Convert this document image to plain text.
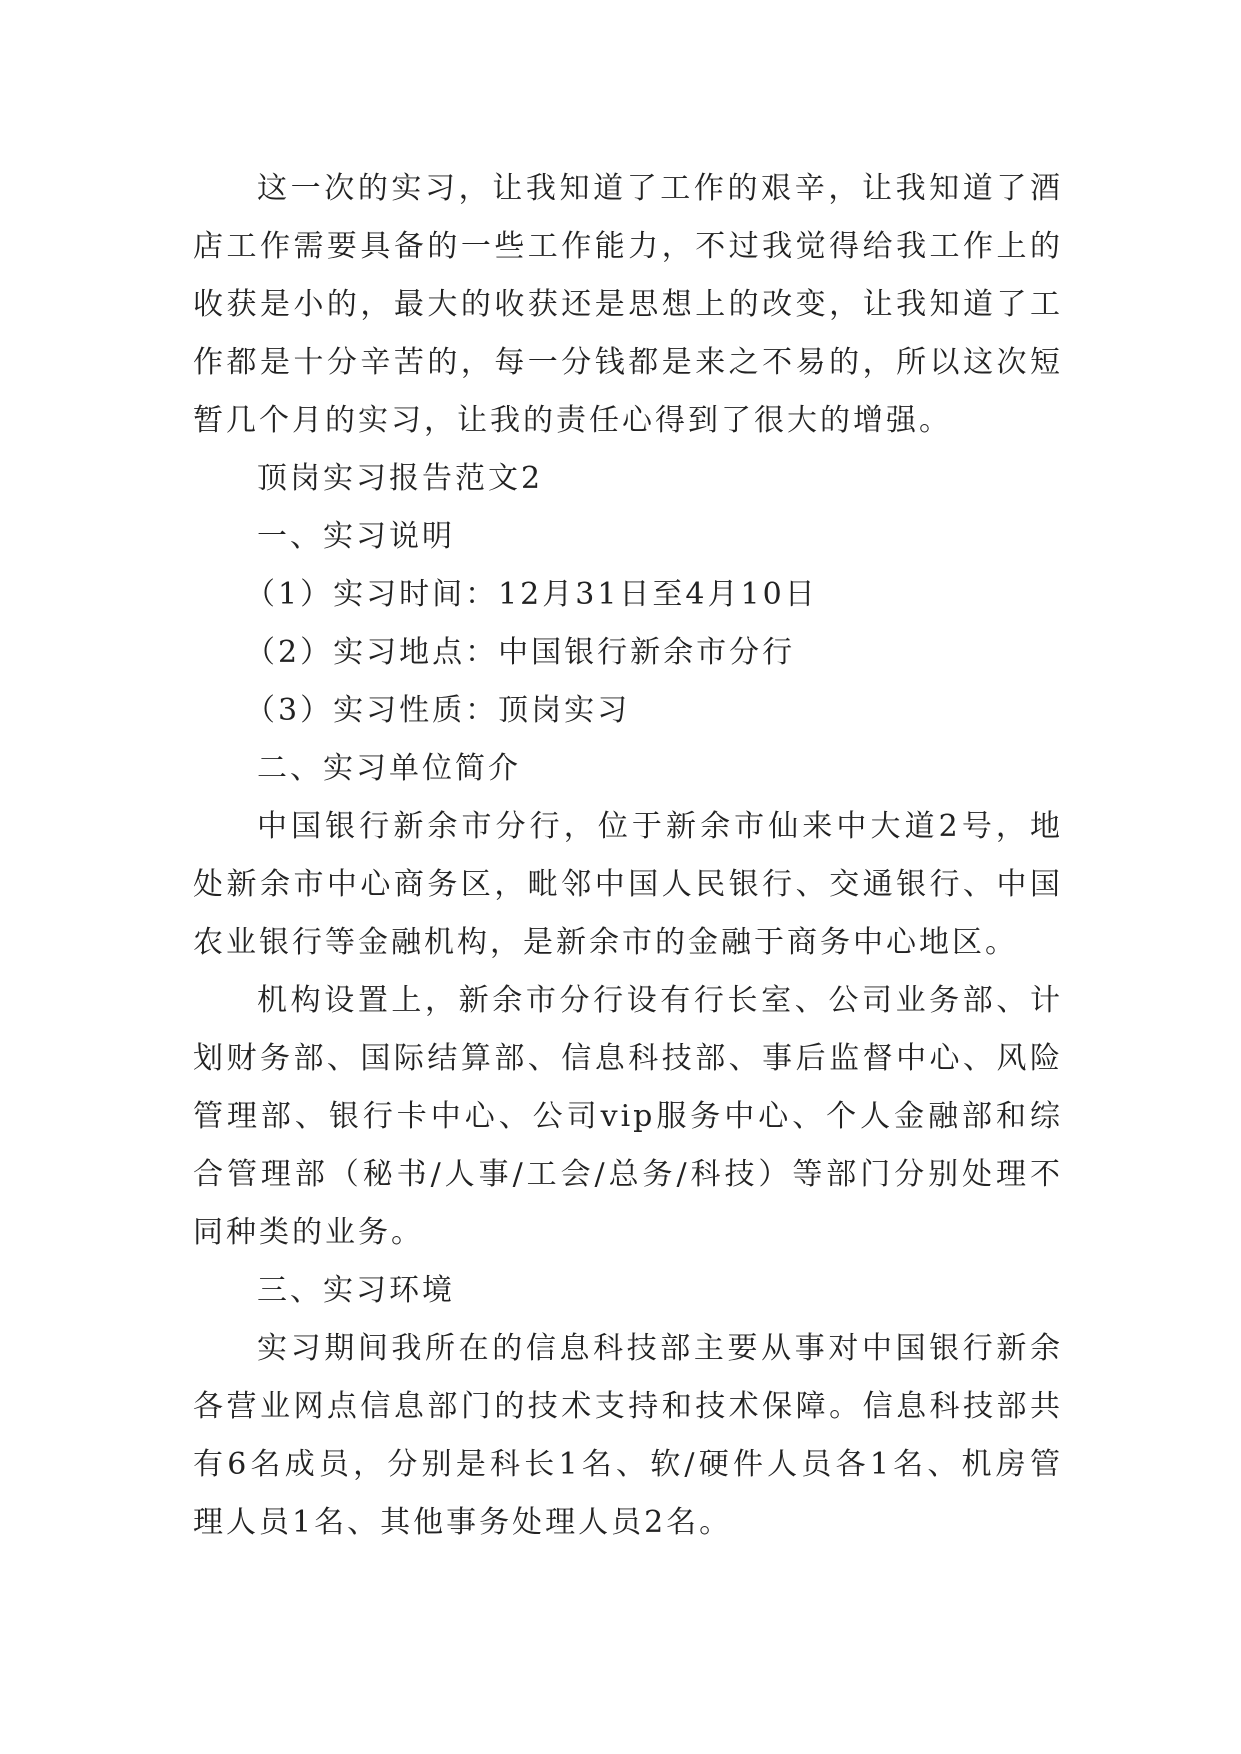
这一次的实习，让我知道了工作的艰辛，让我知道了酒店工作需要具备的一些工作能力，不过我觉得给我工作上的收获是小的，最大的收获还是思想上的改变，让我知道了工作都是十分辛苦的，每一分钱都是来之不易的，所以这次短暂几个月的实习，让我的责任心得到了很大的增强。

顶岗实习报告范文2

一、实习说明

（1）实习时间：12月31日至4月10日

（2）实习地点：中国银行新余市分行

（3）实习性质：顶岗实习

二、实习单位简介

中国银行新余市分行，位于新余市仙来中大道2号，地处新余市中心商务区，毗邻中国人民银行、交通银行、中国农业银行等金融机构，是新余市的金融于商务中心地区。

机构设置上，新余市分行设有行长室、公司业务部、计划财务部、国际结算部、信息科技部、事后监督中心、风险管理部、银行卡中心、公司vip服务中心、个人金融部和综合管理部（秘书/人事/工会/总务/科技）等部门分别处理不同种类的业务。

三、实习环境

实习期间我所在的信息科技部主要从事对中国银行新余各营业网点信息部门的技术支持和技术保障。信息科技部共有6名成员，分别是科长1名、软/硬件人员各1名、机房管理人员1名、其他事务处理人员2名。
